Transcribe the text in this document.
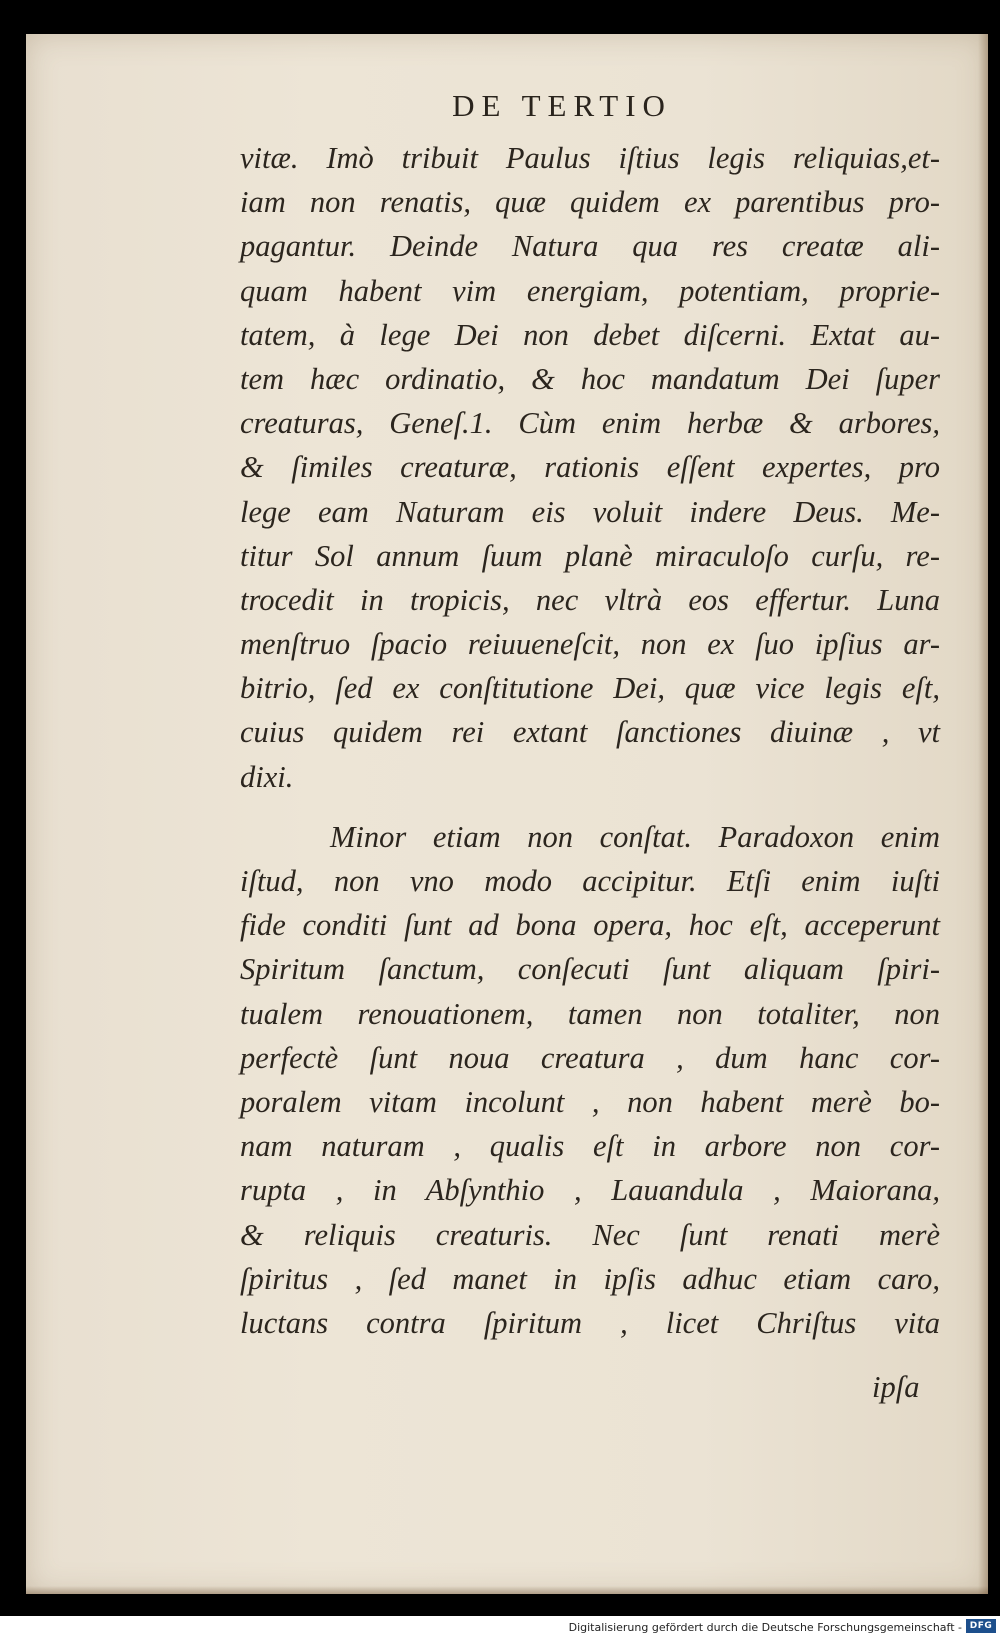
DE TERTIO
vitæ. Imò tribuit Paulus iſtius legis reliquias,et-
iam non renatis, quæ quidem ex parentibus pro-
pagantur. Deinde Natura qua res creatæ ali-
quam habent vim energiam, potentiam, proprie-
tatem, à lege Dei non debet diſcerni. Extat au-
tem hæc ordinatio, & hoc mandatum Dei ſuper
creaturas, Geneſ.1. Cùm enim herbæ & arbores,
& ſimiles creaturæ, rationis eſſent expertes, pro
lege eam Naturam eis voluit indere Deus. Me-
titur Sol annum ſuum planè miraculoſo curſu, re-
trocedit in tropicis, nec vltrà eos effertur. Luna
menſtruo ſpacio reiuueneſcit, non ex ſuo ipſius ar-
bitrio, ſed ex conſtitutione Dei, quæ vice legis eſt,
cuius quidem rei extant ſanctiones diuinæ , vt
dixi.
Minor etiam non conſtat. Paradoxon enim
iſtud, non vno modo accipitur. Etſi enim iuſti
fide conditi ſunt ad bona opera, hoc eſt, acceperunt
Spiritum ſanctum, conſecuti ſunt aliquam ſpiri-
tualem renouationem, tamen non totaliter, non
perfectè ſunt noua creatura , dum hanc cor-
poralem vitam incolunt , non habent merè bo-
nam naturam , qualis eſt in arbore non cor-
rupta , in Abſynthio , Lauandula , Maiorana,
& reliquis creaturis. Nec ſunt renati merè
ſpiritus , ſed manet in ipſis adhuc etiam caro,
luctans contra ſpiritum , licet Chriſtus vita
ipſa
Digitalisierung gefördert durch die Deutsche Forschungsgemeinschaft - DFG
